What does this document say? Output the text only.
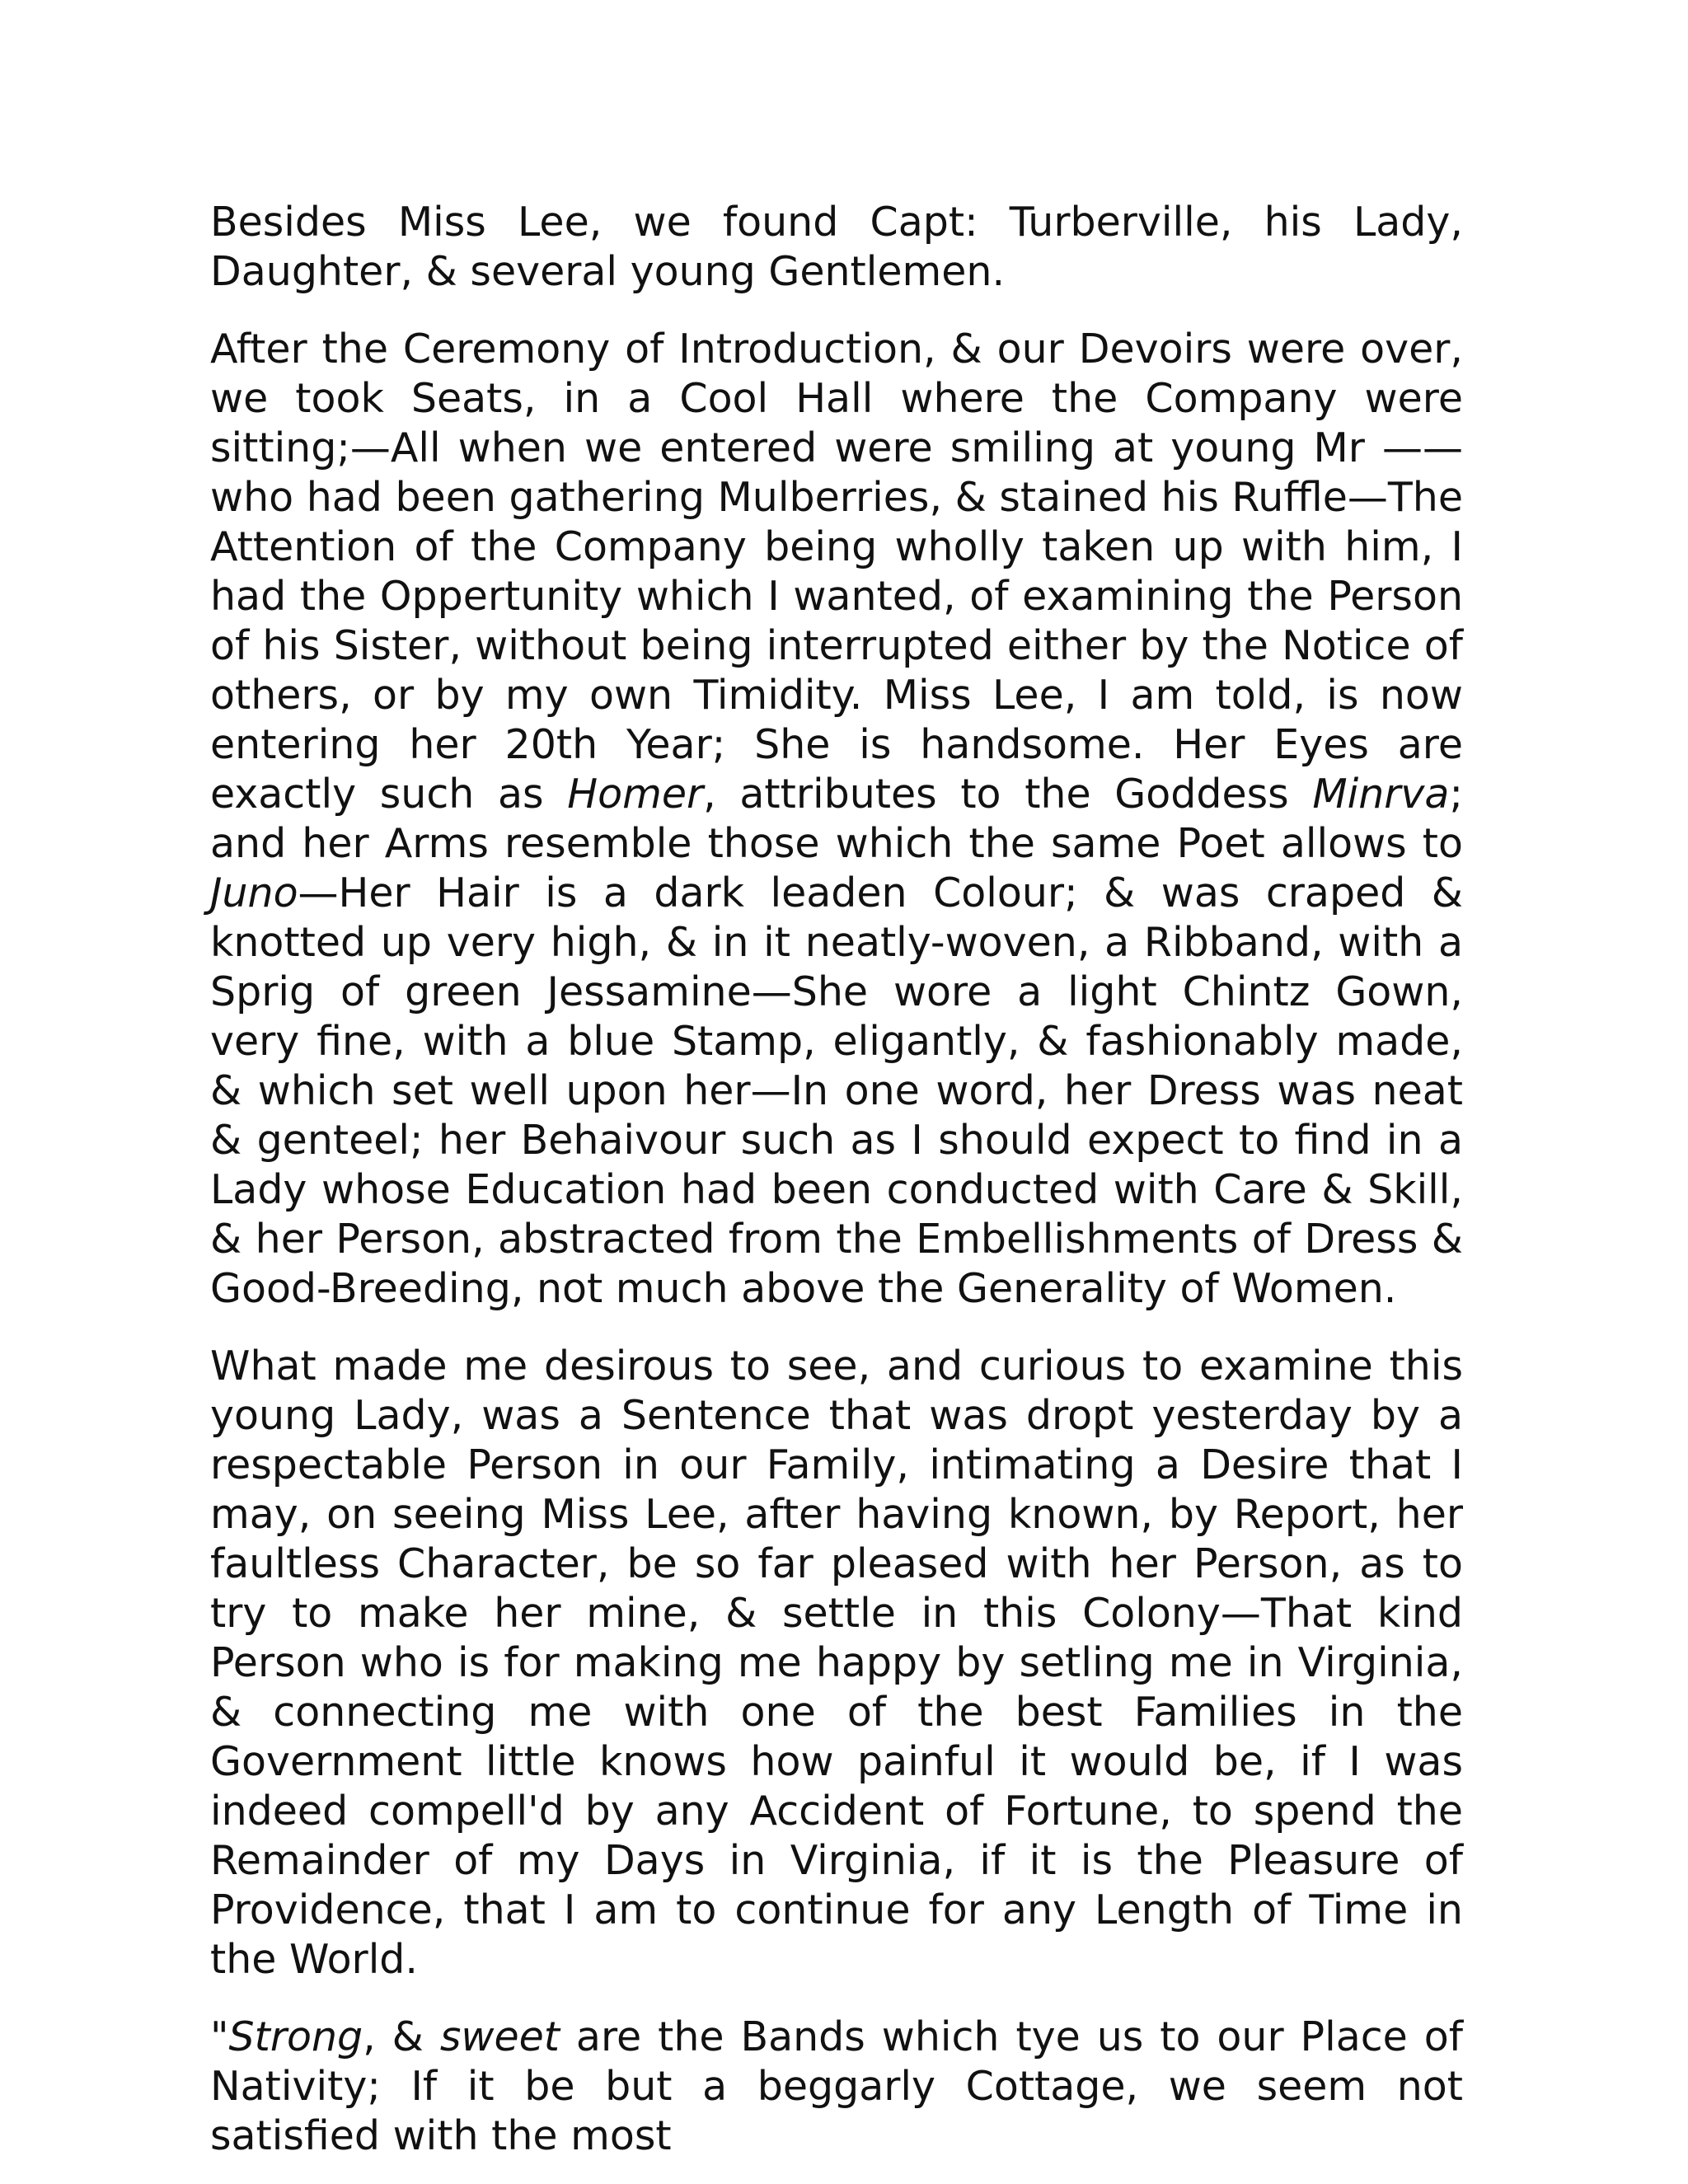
Besides Miss Lee, we found Capt: Turberville, his Lady, Daughter, & several young Gentlemen.

After the Ceremony of Introduction, & our Devoirs were over, we took Seats, in a Cool Hall where the Company were sitting;—All when we entered were smiling at young Mr —— who had been gathering Mulberries, & stained his Ruffle—The Attention of the Company being wholly taken up with him, I had the Oppertunity which I wanted, of examining the Person of his Sister, without being interrupted either by the Notice of others, or by my own Timidity. Miss Lee, I am told, is now entering her 20th Year; She is handsome. Her Eyes are exactly such as Homer, attributes to the Goddess Minrva; and her Arms resemble those which the same Poet allows to Juno—Her Hair is a dark leaden Colour; & was craped & knotted up very high, & in it neatly-woven, a Ribband, with a Sprig of green Jessamine—She wore a light Chintz Gown, very fine, with a blue Stamp, eligantly, & fashionably made, & which set well upon her—In one word, her Dress was neat & genteel; her Behaivour such as I should expect to find in a Lady whose Education had been conducted with Care & Skill, & her Person, abstracted from the Embellishments of Dress & Good-Breeding, not much above the Generality of Women.

What made me desirous to see, and curious to examine this young Lady, was a Sentence that was dropt yesterday by a respectable Person in our Family, intimating a Desire that I may, on seeing Miss Lee, after having known, by Report, her faultless Character, be so far pleased with her Person, as to try to make her mine, & settle in this Colony—That kind Person who is for making me happy by setling me in Virginia, & connecting me with one of the best Families in the Government little knows how painful it would be, if I was indeed compell'd by any Accident of Fortune, to spend the Remainder of my Days in Virginia, if it is the Pleasure of Providence, that I am to continue for any Length of Time in the World.

"Strong, & sweet are the Bands which tye us to our Place of Nativity; If it be but a beggarly Cottage, we seem not satisfied with the most
